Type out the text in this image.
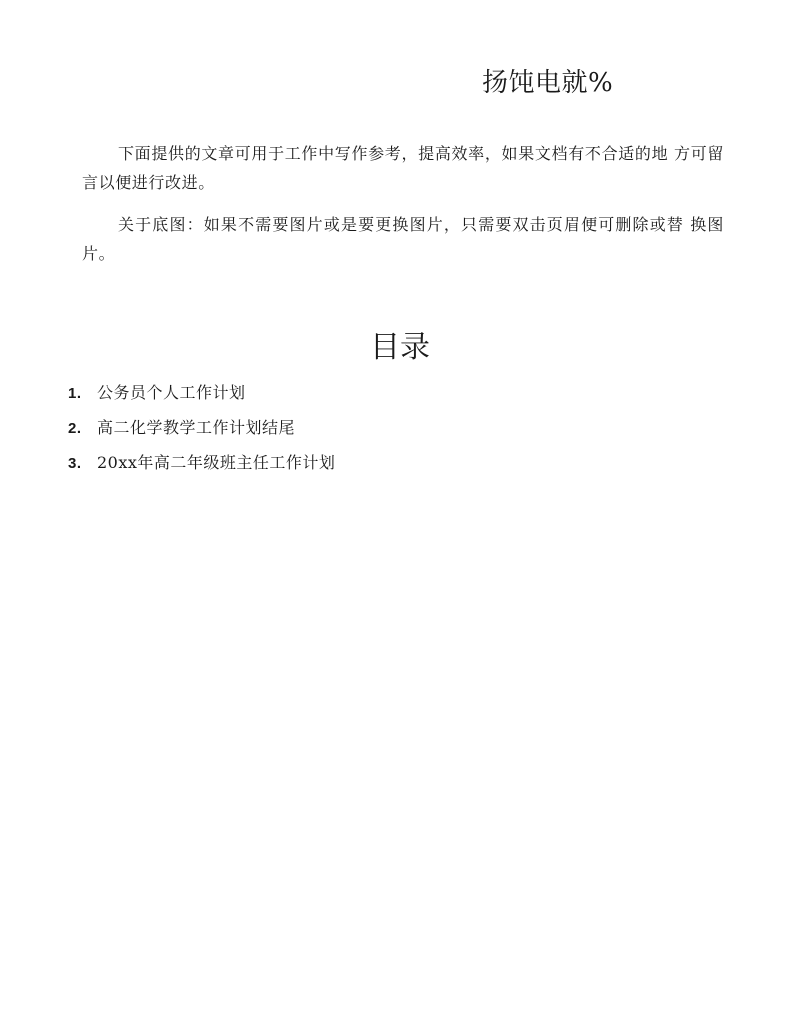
扬饨电就%

下面提供的文章可用于工作中写作参考，提高效率，如果文档有不合适的地 方可留言以便进行改进。

关于底图：如果不需要图片或是要更换图片，只需要双击页眉便可删除或替 换图片。

目录
1. 公务员个人工作计划
2. 高二化学教学工作计划结尾
3. 20xx年高二年级班主任工作计划
